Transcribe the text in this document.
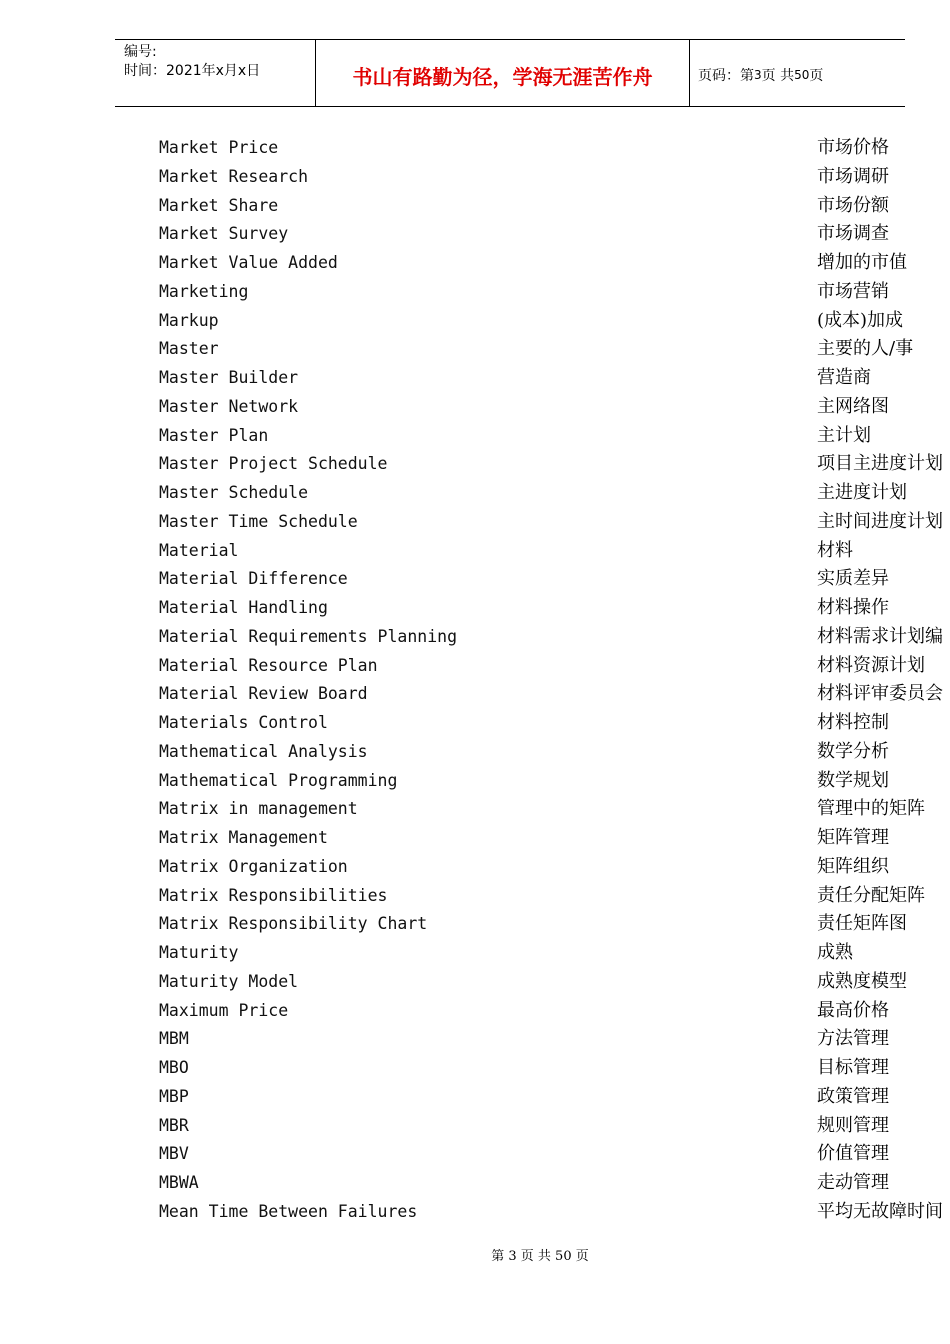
编号:
时间：2021年x月x日	书山有路勤为径，学海无涯苦作舟	页码：第 3 页 共 50 页
Market Price	市场价格
Market Research	市场调研
Market Share	市场份额
Market Survey	市场调查
Market Value Added	增加的市值
Marketing	市场营销
Markup	(成本)加成
Master	主要的人/事
Master Builder	营造商
Master Network	主网络图
Master Plan	主计划
Master Project Schedule	项目主进度计划
Master Schedule	主进度计划
Master Time Schedule	主时间进度计划
Material	材料
Material Difference	实质差异
Material Handling	材料操作
Material Requirements Planning	材料需求计划编
Material Resource Plan	材料资源计划
Material Review Board	材料评审委员会
Materials Control	材料控制
Mathematical Analysis	数学分析
Mathematical Programming	数学规划
Matrix in management	管理中的矩阵
Matrix Management	矩阵管理
Matrix Organization	矩阵组织
Matrix Responsibilities	责任分配矩阵
Matrix Responsibility Chart	责任矩阵图
Maturity	成熟
Maturity Model	成熟度模型
Maximum Price	最高价格
MBM	方法管理
MBO	目标管理
MBP	政策管理
MBR	规则管理
MBV	价值管理
MBWA	走动管理
Mean Time Between Failures	平均无故障时间
第 3 页 共 50 页
